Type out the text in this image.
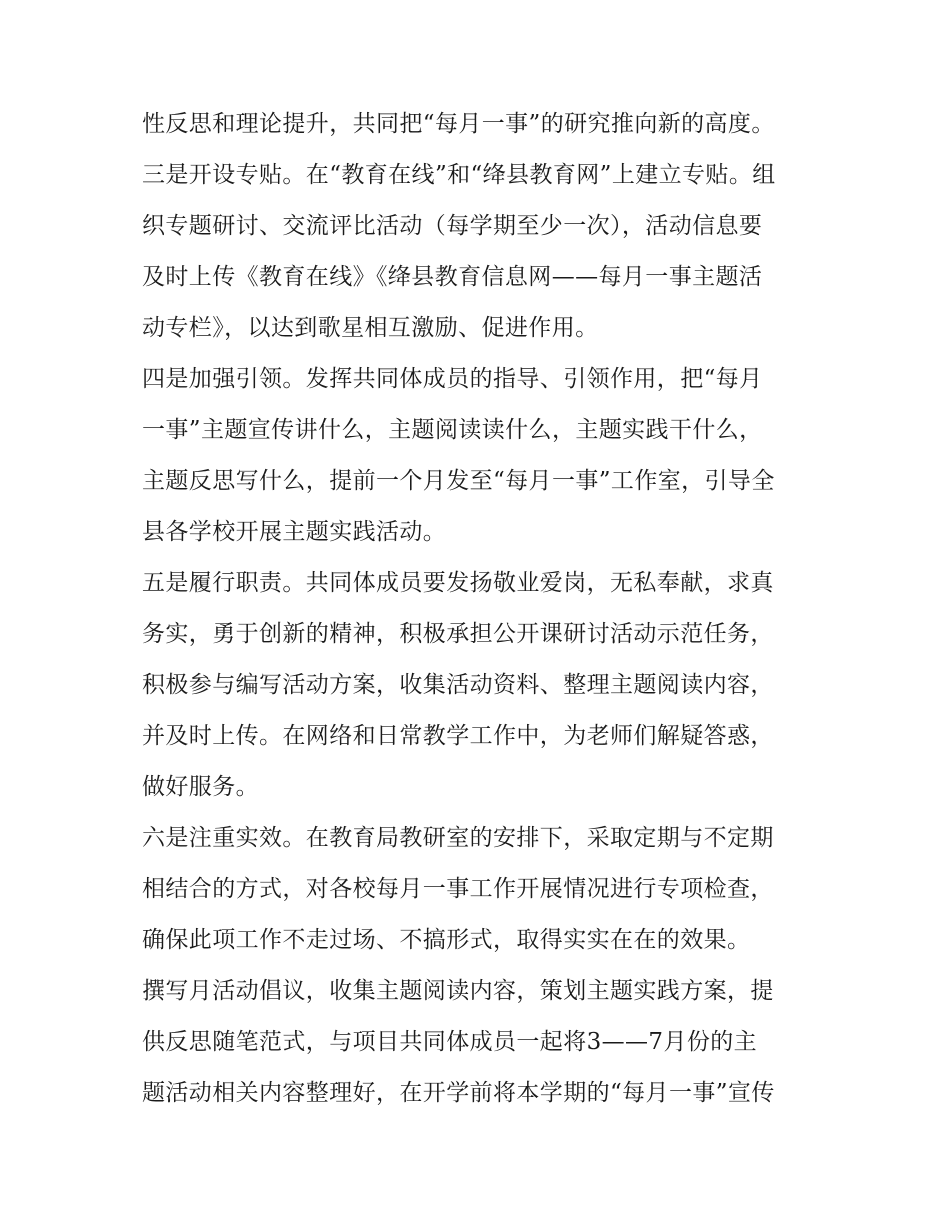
性反思和理论提升，共同把“每月一事”的研究推向新的高度。
三是开设专贴。在“教育在线”和“绛县教育网”上建立专贴。组
织专题研讨、交流评比活动（每学期至少一次），活动信息要
及时上传《教育在线》《绛县教育信息网——每月一事主题活
动专栏》，以达到歌星相互激励、促进作用。
四是加强引领。发挥共同体成员的指导、引领作用，把“每月
一事”主题宣传讲什么，主题阅读读什么，主题实践干什么，
主题反思写什么，提前一个月发至“每月一事”工作室，引导全
县各学校开展主题实践活动。
五是履行职责。共同体成员要发扬敬业爱岗，无私奉献，求真
务实，勇于创新的精神，积极承担公开课研讨活动示范任务，
积极参与编写活动方案，收集活动资料、整理主题阅读内容，
并及时上传。在网络和日常教学工作中，为老师们解疑答惑，
做好服务。
六是注重实效。在教育局教研室的安排下，采取定期与不定期
相结合的方式，对各校每月一事工作开展情况进行专项检查，
确保此项工作不走过场、不搞形式，取得实实在在的效果。
撰写月活动倡议，收集主题阅读内容，策划主题实践方案，提
供反思随笔范式，与项目共同体成员一起将3——7月份的主
题活动相关内容整理好，在开学前将本学期的“每月一事”宣传
